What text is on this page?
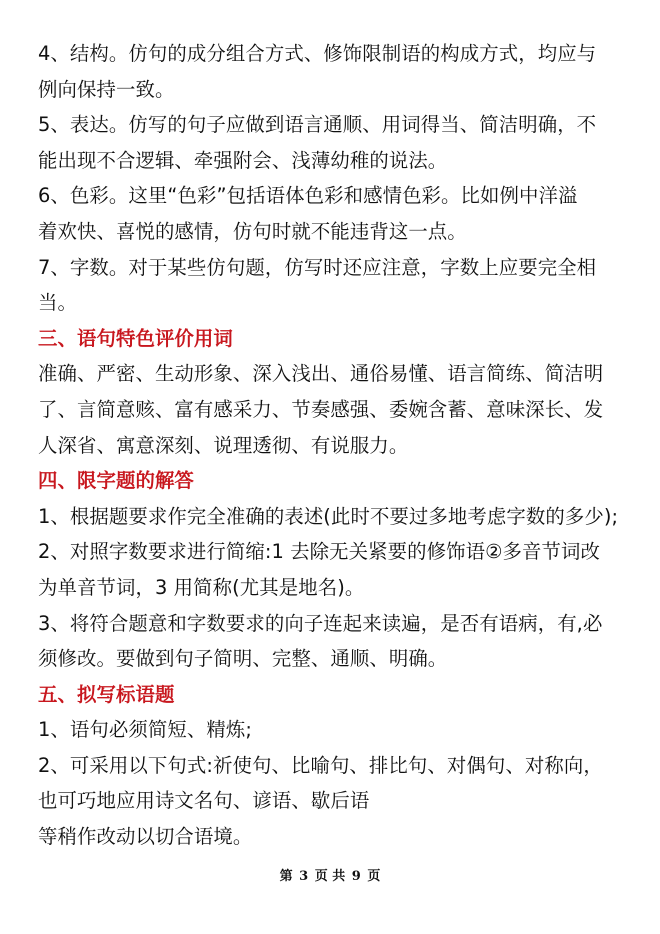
4、结构。仿句的成分组合方式、修饰限制语的构成方式，均应与
例向保持一致。
5、表达。仿写的句子应做到语言通顺、用词得当、简洁明确，不
能出现不合逻辑、牵强附会、浅薄幼稚的说法。
6、色彩。这里“色彩”包括语体色彩和感情色彩。比如例中洋溢
着欢快、喜悦的感情，仿句时就不能违背这一点。
7、字数。对于某些仿句题，仿写时还应注意，字数上应要完全相
当。
三、语句特色评价用词
准确、严密、生动形象、深入浅出、通俗易懂、语言简练、简洁明
了、言简意赅、富有感采力、节奏感强、委婉含蓄、意味深长、发
人深省、寓意深刻、说理透彻、有说服力。
四、限字题的解答
1、根据题要求作完全准确的表述(此时不要过多地考虑字数的多少);
2、对照字数要求进行简缩:1 去除无关紧要的修饰语②多音节词改
为单音节词，3 用简称(尤其是地名)。
3、将符合题意和字数要求的向子连起来读遍，是否有语病，有,必
须修改。要做到句子简明、完整、通顺、明确。
五、拟写标语题
1、语句必须简短、精炼;
2、可采用以下句式:祈使句、比喻句、排比句、对偶句、对称向，
也可巧地应用诗文名句、谚语、歇后语
等稍作改动以切合语境。
第 3 页 共 9 页
